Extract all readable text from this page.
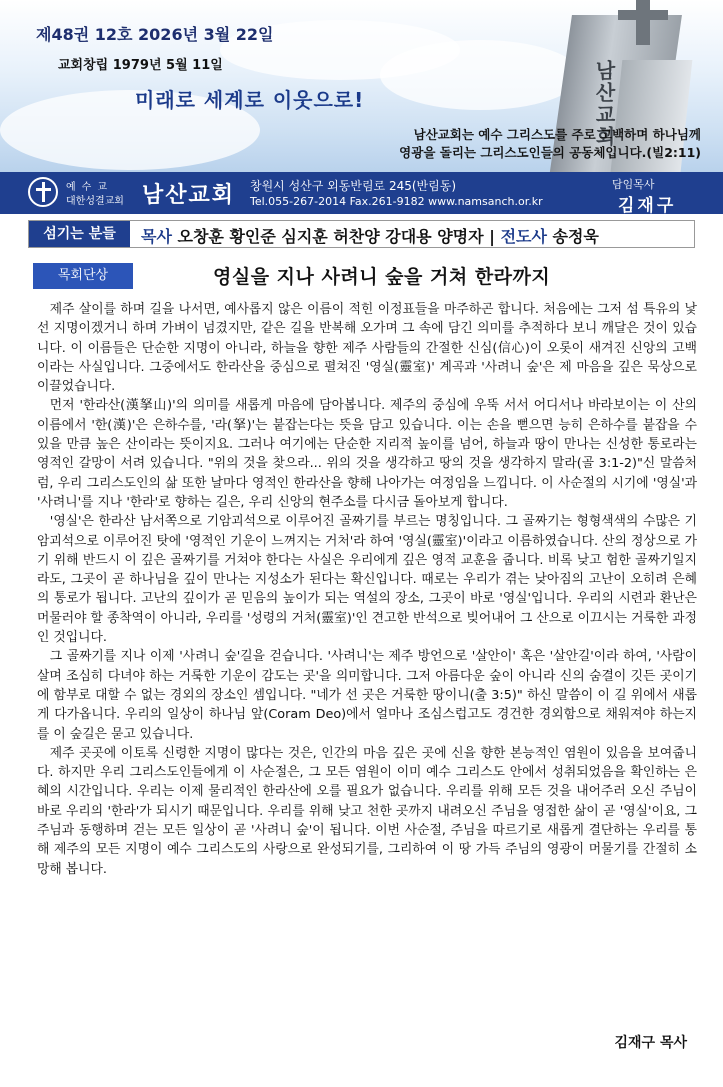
남산교회
제48권 12호 2026년 3월 22일
교회창립 1979년 5월 11일
미래로 세계로 이웃으로!
남산교회는 예수 그리스도를 주로 고백하며 하나님께
영광을 돌리는 그리스도인들의 공동체입니다.(빌2:11)
예수교
대한성결교회 남산교회 창원시 성산구 외동반림로 245(반림동)
Tel.055-267-2014 Fax.261-9182 www.namsanch.or.kr
담임목사
김재구
섬기는 분들	목사 오창훈 황인준 심지훈 허찬양 강대용 양명자 | 전도사 송정욱
목회단상	영실을 지나 사려니 숲을 거쳐 한라까지

제주 살이를 하며 길을 나서면, 예사롭지 않은 이름이 적힌 이정표들을 마주하곤 합니다. 처음에는 그저 섬 특유의 낯선 지명이겠거니 하며 가벼이 넘겼지만, 같은 길을 반복해 오가며 그 속에 담긴 의미를 추적하다 보니 깨달은 것이 있습니다. 이 이름들은 단순한 지명이 아니라, 하늘을 향한 제주 사람들의 간절한 신심(信心)이 오롯이 새겨진 신앙의 고백이라는 사실입니다. 그중에서도 한라산을 중심으로 펼쳐진 '영실(靈室)' 계곡과 '사려니 숲'은 제 마음을 깊은 묵상으로 이끌었습니다.

먼저 '한라산(漢拏山)'의 의미를 새롭게 마음에 담아봅니다. 제주의 중심에 우뚝 서서 어디서나 바라보이는 이 산의 이름에서 '한(漢)'은 은하수를, '라(拏)'는 붙잡는다는 뜻을 담고 있습니다. 이는 손을 뻗으면 능히 은하수를 붙잡을 수 있을 만큼 높은 산이라는 뜻이지요. 그러나 여기에는 단순한 지리적 높이를 넘어, 하늘과 땅이 만나는 신성한 통로라는 영적인 갈망이 서려 있습니다. "위의 것을 찾으라... 위의 것을 생각하고 땅의 것을 생각하지 말라(골 3:1-2)"신 말씀처럼, 우리 그리스도인의 삶 또한 날마다 영적인 한라산을 향해 나아가는 여정임을 느낍니다. 이 사순절의 시기에 '영실'과 '사려니'를 지나 '한라'로 향하는 길은, 우리 신앙의 현주소를 다시금 돌아보게 합니다.

'영실'은 한라산 남서쪽으로 기암괴석으로 이루어진 골짜기를 부르는 명칭입니다. 그 골짜기는 형형색색의 수많은 기암괴석으로 이루어진 탓에 '영적인 기운이 느껴지는 거처'라 하여 '영실(靈室)'이라고 이름하였습니다. 산의 정상으로 가기 위해 반드시 이 깊은 골짜기를 거쳐야 한다는 사실은 우리에게 깊은 영적 교훈을 줍니다. 비록 낮고 험한 골짜기일지라도, 그곳이 곧 하나님을 깊이 만나는 지성소가 된다는 확신입니다. 때로는 우리가 겪는 낮아짐의 고난이 오히려 은혜의 통로가 됩니다. 고난의 깊이가 곧 믿음의 높이가 되는 역설의 장소, 그곳이 바로 '영실'입니다. 우리의 시련과 환난은 머물러야 할 종착역이 아니라, 우리를 '성령의 거처(靈室)'인 견고한 반석으로 빚어내어 그 산으로 이끄시는 거룩한 과정인 것입니다.

그 골짜기를 지나 이제 '사려니 숲'길을 걷습니다. '사려니'는 제주 방언으로 '살안이' 혹은 '살안길'이라 하여, '사람이 살며 조심히 다녀야 하는 거룩한 기운이 감도는 곳'을 의미합니다. 그저 아름다운 숲이 아니라 신의 숨결이 깃든 곳이기에 함부로 대할 수 없는 경외의 장소인 셈입니다. "네가 선 곳은 거룩한 땅이니(출 3:5)" 하신 말씀이 이 길 위에서 새롭게 다가옵니다. 우리의 일상이 하나님 앞(Coram Deo)에서 얼마나 조심스럽고도 경건한 경외함으로 채워져야 하는지를 이 숲길은 묻고 있습니다.

제주 곳곳에 이토록 신령한 지명이 많다는 것은, 인간의 마음 깊은 곳에 신을 향한 본능적인 염원이 있음을 보여줍니다. 하지만 우리 그리스도인들에게 이 사순절은, 그 모든 염원이 이미 예수 그리스도 안에서 성취되었음을 확인하는 은혜의 시간입니다. 우리는 이제 물리적인 한라산에 오를 필요가 없습니다. 우리를 위해 모든 것을 내어주러 오신 주님이 바로 우리의 '한라'가 되시기 때문입니다. 우리를 위해 낮고 천한 곳까지 내려오신 주님을 영접한 삶이 곧 '영실'이요, 그 주님과 동행하며 걷는 모든 일상이 곧 '사려니 숲'이 됩니다. 이번 사순절, 주님을 따르기로 새롭게 결단하는 우리를 통해 제주의 모든 지명이 예수 그리스도의 사랑으로 완성되기를, 그리하여 이 땅 가득 주님의 영광이 머물기를 간절히 소망해 봅니다.

김재구 목사
